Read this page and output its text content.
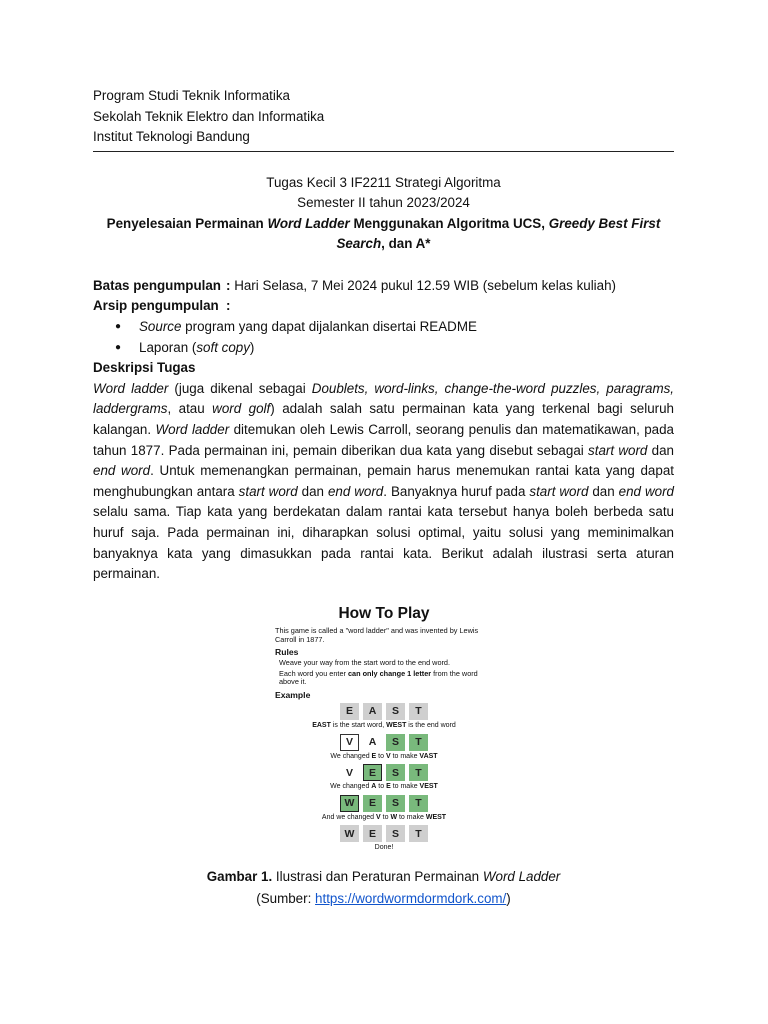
Program Studi Teknik Informatika
Sekolah Teknik Elektro dan Informatika
Institut Teknologi Bandung
Tugas Kecil 3 IF2211 Strategi Algoritma
Semester II tahun 2023/2024
Penyelesaian Permainan Word Ladder Menggunakan Algoritma UCS, Greedy Best First Search, dan A*
Batas pengumpulan : Hari Selasa, 7 Mei 2024 pukul 12.59 WIB (sebelum kelas kuliah)
Arsip pengumpulan :
● Source program yang dapat dijalankan disertai README
● Laporan (soft copy)
Deskripsi Tugas
Word ladder (juga dikenal sebagai Doublets, word-links, change-the-word puzzles, paragrams, laddergrams, atau word golf) adalah salah satu permainan kata yang terkenal bagi seluruh kalangan. Word ladder ditemukan oleh Lewis Carroll, seorang penulis dan matematikawan, pada tahun 1877. Pada permainan ini, pemain diberikan dua kata yang disebut sebagai start word dan end word. Untuk memenangkan permainan, pemain harus menemukan rantai kata yang dapat menghubungkan antara start word dan end word. Banyaknya huruf pada start word dan end word selalu sama. Tiap kata yang berdekatan dalam rantai kata tersebut hanya boleh berbeda satu huruf saja. Pada permainan ini, diharapkan solusi optimal, yaitu solusi yang meminimalkan banyaknya kata yang dimasukkan pada rantai kata. Berikut adalah ilustrasi serta aturan permainan.
How To Play
This game is called a "word ladder" and was invented by Lewis Carroll in 1877.
Rules
Weave your way from the start word to the end word.
Each word you enter can only change 1 letter from the word above it.
Example
E	A	S	T
EAST is the start word, WEST is the end word
V	A	S	T
We changed E to V to make VAST
V	E	S	T
We changed A to E to make VEST
W	E	S	T
And we changed V to W to make WEST
W	E	S	T
Done!
Gambar 1. Ilustrasi dan Peraturan Permainan Word Ladder
(Sumber: https://wordwormdormdork.com/)
